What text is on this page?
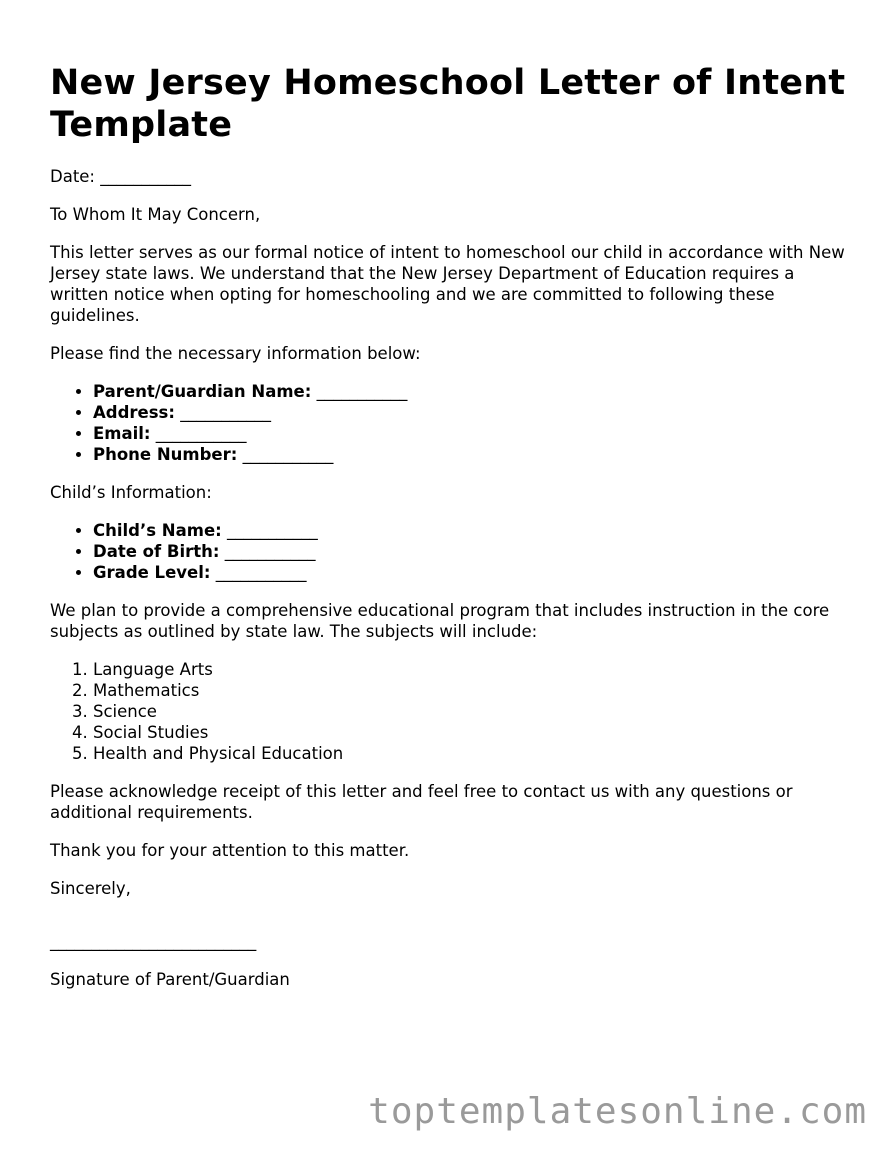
New Jersey Homeschool Letter of Intent Template

Date: ___________

To Whom It May Concern,

This letter serves as our formal notice of intent to homeschool our child in accordance with New Jersey state laws. We understand that the New Jersey Department of Education requires a written notice when opting for homeschooling and we are committed to following these guidelines.

Please find the necessary information below:

• Parent/Guardian Name: ___________
• Address: ___________
• Email: ___________
• Phone Number: ___________

Child’s Information:

• Child’s Name: ___________
• Date of Birth: ___________
• Grade Level: ___________

We plan to provide a comprehensive educational program that includes instruction in the core subjects as outlined by state law. The subjects will include:

1. Language Arts
2. Mathematics
3. Science
4. Social Studies
5. Health and Physical Education

Please acknowledge receipt of this letter and feel free to contact us with any questions or additional requirements.

Thank you for your attention to this matter.

Sincerely,

_________________________

Signature of Parent/Guardian

toptemplatesonline.com
